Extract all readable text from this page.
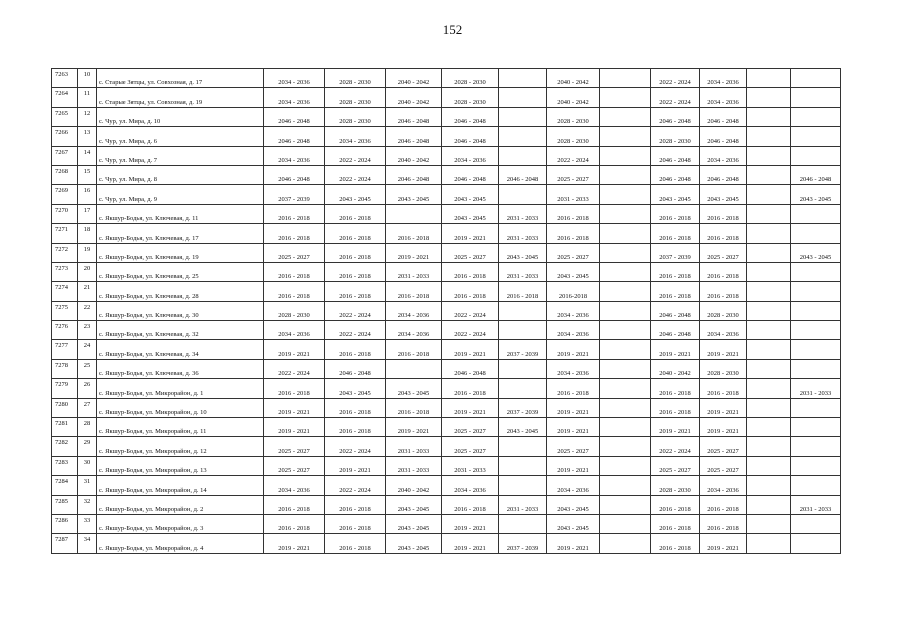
152
7263	10	с. Старые Зятцы, ул. Совхозная, д. 17	2034 - 2036	2028 - 2030	2040 - 2042	2028 - 2030		2040 - 2042		2022 - 2024	2034 - 2036		
7264	11	с. Старые Зятцы, ул. Совхозная, д. 19	2034 - 2036	2028 - 2030	2040 - 2042	2028 - 2030		2040 - 2042		2022 - 2024	2034 - 2036		
7265	12	с. Чур, ул. Мира, д. 10	2046 - 2048	2028 - 2030	2046 - 2048	2046 - 2048		2028 - 2030		2046 - 2048	2046 - 2048		
7266	13	с. Чур, ул. Мира, д. 6	2046 - 2048	2034 - 2036	2046 - 2048	2046 - 2048		2028 - 2030		2028 - 2030	2046 - 2048		
7267	14	с. Чур, ул. Мира, д. 7	2034 - 2036	2022 - 2024	2040 - 2042	2034 - 2036		2022 - 2024		2046 - 2048	2034 - 2036		
7268	15	с. Чур, ул. Мира, д. 8	2046 - 2048	2022 - 2024	2046 - 2048	2046 - 2048	2046 - 2048	2025 - 2027		2046 - 2048	2046 - 2048		2046 - 2048
7269	16	с. Чур, ул. Мира, д. 9	2037 - 2039	2043 - 2045	2043 - 2045	2043 - 2045		2031 - 2033		2043 - 2045	2043 - 2045		2043 - 2045
7270	17	с. Якшур-Бодья, ул. Ключевая, д. 11	2016 - 2018	2016 - 2018		2043 - 2045	2031 - 2033	2016 - 2018		2016 - 2018	2016 - 2018		
7271	18	с. Якшур-Бодья, ул. Ключевая, д. 17	2016 - 2018	2016 - 2018	2016 - 2018	2019 - 2021	2031 - 2033	2016 - 2018		2016 - 2018	2016 - 2018		
7272	19	с. Якшур-Бодья, ул. Ключевая, д. 19	2025 - 2027	2016 - 2018	2019 - 2021	2025 - 2027	2043 - 2045	2025 - 2027		2037 - 2039	2025 - 2027		2043 - 2045
7273	20	с. Якшур-Бодья, ул. Ключевая, д. 25	2016 - 2018	2016 - 2018	2031 - 2033	2016 - 2018	2031 - 2033	2043 - 2045		2016 - 2018	2016 - 2018		
7274	21	с. Якшур-Бодья, ул. Ключевая, д. 28	2016 - 2018	2016 - 2018	2016 - 2018	2016 - 2018	2016 - 2018	2016-2018		2016 - 2018	2016 - 2018		
7275	22	с. Якшур-Бодья, ул. Ключевая, д. 30	2028 - 2030	2022 - 2024	2034 - 2036	2022 - 2024		2034 - 2036		2046 - 2048	2028 - 2030		
7276	23	с. Якшур-Бодья, ул. Ключевая, д. 32	2034 - 2036	2022 - 2024	2034 - 2036	2022 - 2024		2034 - 2036		2046 - 2048	2034 - 2036		
7277	24	с. Якшур-Бодья, ул. Ключевая, д. 34	2019 - 2021	2016 - 2018	2016 - 2018	2019 - 2021	2037 - 2039	2019 - 2021		2019 - 2021	2019 - 2021		
7278	25	с. Якшур-Бодья, ул. Ключевая, д. 36	2022 - 2024	2046 - 2048		2046 - 2048		2034 - 2036		2040 - 2042	2028 - 2030		
7279	26	с. Якшур-Бодья, ул. Микрорайон, д. 1	2016 - 2018	2043 - 2045	2043 - 2045	2016 - 2018		2016 - 2018		2016 - 2018	2016 - 2018		2031 - 2033
7280	27	с. Якшур-Бодья, ул. Микрорайон, д. 10	2019 - 2021	2016 - 2018	2016 - 2018	2019 - 2021	2037 - 2039	2019 - 2021		2016 - 2018	2019 - 2021		
7281	28	с. Якшур-Бодья, ул. Микрорайон, д. 11	2019 - 2021	2016 - 2018	2019 - 2021	2025 - 2027	2043 - 2045	2019 - 2021		2019 - 2021	2019 - 2021		
7282	29	с. Якшур-Бодья, ул. Микрорайон, д. 12	2025 - 2027	2022 - 2024	2031 - 2033	2025 - 2027		2025 - 2027		2022 - 2024	2025 - 2027		
7283	30	с. Якшур-Бодья, ул. Микрорайон, д. 13	2025 - 2027	2019 - 2021	2031 - 2033	2031 - 2033		2019 - 2021		2025 - 2027	2025 - 2027		
7284	31	с. Якшур-Бодья, ул. Микрорайон, д. 14	2034 - 2036	2022 - 2024	2040 - 2042	2034 - 2036		2034 - 2036		2028 - 2030	2034 - 2036		
7285	32	с. Якшур-Бодья, ул. Микрорайон, д. 2	2016 - 2018	2016 - 2018	2043 - 2045	2016 - 2018	2031 - 2033	2043 - 2045		2016 - 2018	2016 - 2018		2031 - 2033
7286	33	с. Якшур-Бодья, ул. Микрорайон, д. 3	2016 - 2018	2016 - 2018	2043 - 2045	2019 - 2021		2043 - 2045		2016 - 2018	2016 - 2018		
7287	34	с. Якшур-Бодья, ул. Микрорайон, д. 4	2019 - 2021	2016 - 2018	2043 - 2045	2019 - 2021	2037 - 2039	2019 - 2021		2016 - 2018	2019 - 2021		
